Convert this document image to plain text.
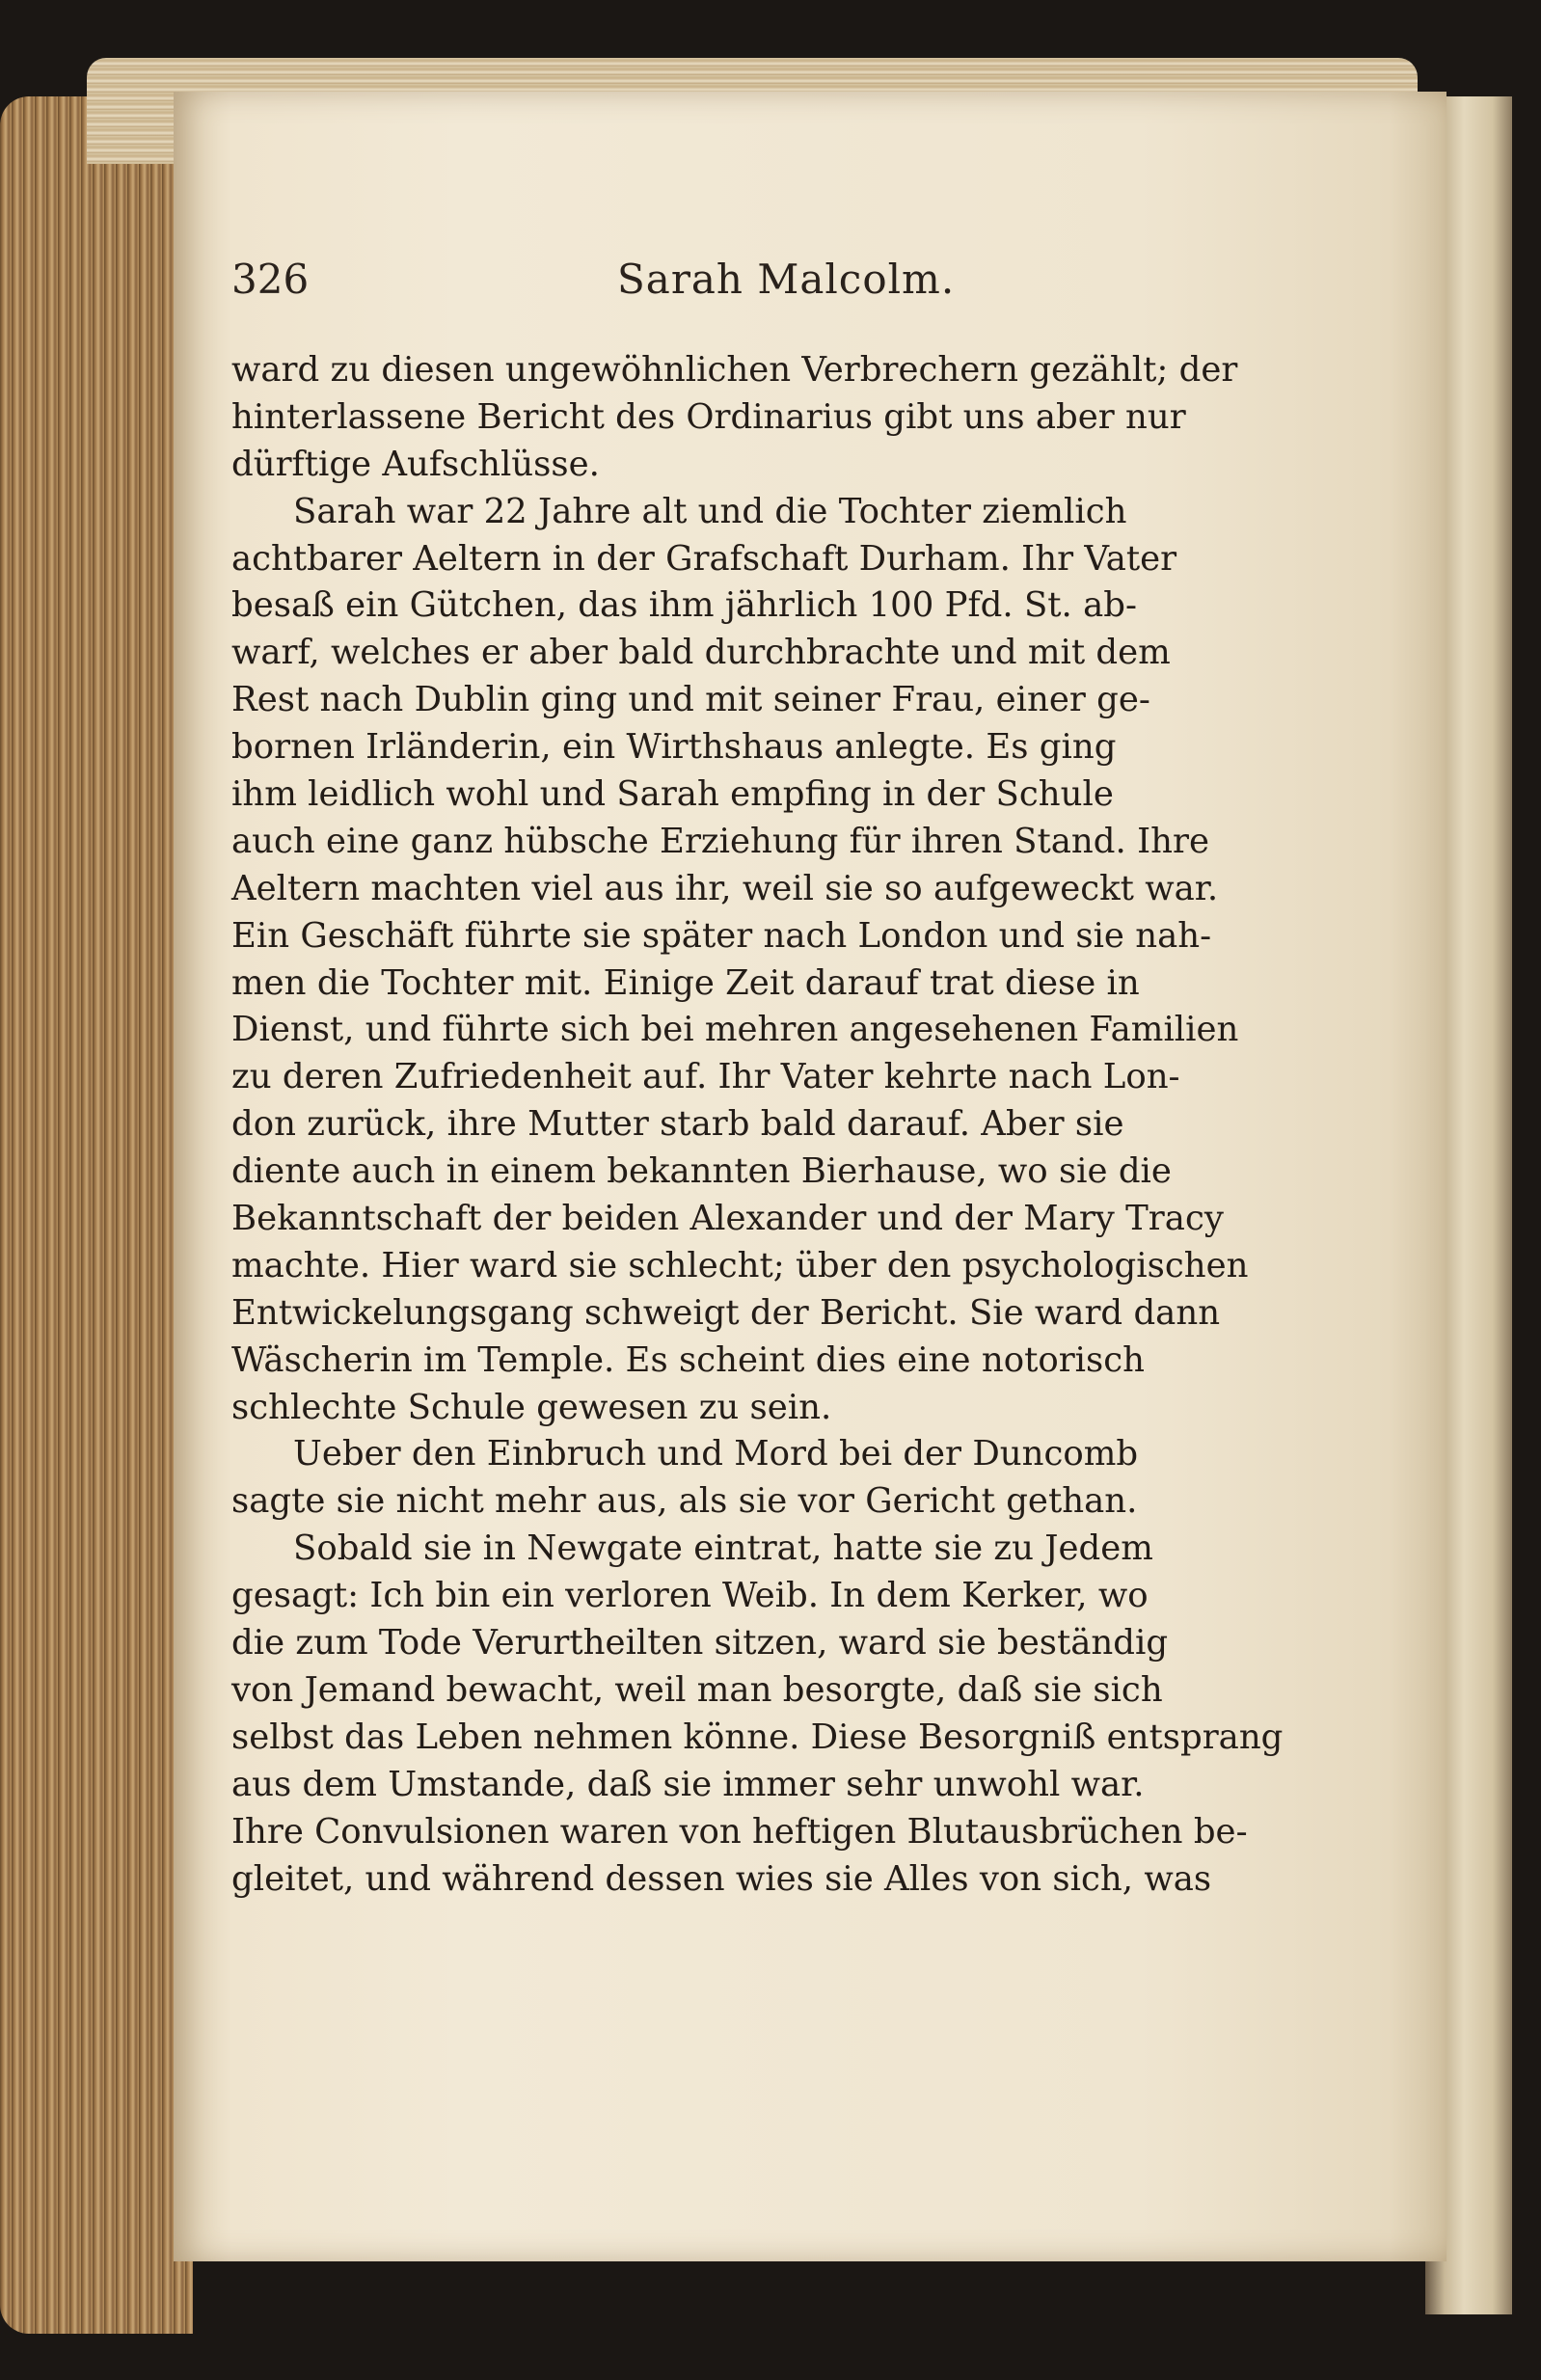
326	Sarah Malcolm.
ward zu diesen ungewöhnlichen Verbrechern gezählt; der
hinterlassene Bericht des Ordinarius gibt uns aber nur
dürftige Aufschlüsse.
Sarah war 22 Jahre alt und die Tochter ziemlich
achtbarer Aeltern in der Grafschaft Durham. Ihr Vater
besaß ein Gütchen, das ihm jährlich 100 Pfd. St. ab-
warf, welches er aber bald durchbrachte und mit dem
Rest nach Dublin ging und mit seiner Frau, einer ge-
bornen Irländerin, ein Wirthshaus anlegte. Es ging
ihm leidlich wohl und Sarah empfing in der Schule
auch eine ganz hübsche Erziehung für ihren Stand. Ihre
Aeltern machten viel aus ihr, weil sie so aufgeweckt war.
Ein Geschäft führte sie später nach London und sie nah-
men die Tochter mit. Einige Zeit darauf trat diese in
Dienst, und führte sich bei mehren angesehenen Familien
zu deren Zufriedenheit auf. Ihr Vater kehrte nach Lon-
don zurück, ihre Mutter starb bald darauf. Aber sie
diente auch in einem bekannten Bierhause, wo sie die
Bekanntschaft der beiden Alexander und der Mary Tracy
machte. Hier ward sie schlecht; über den psychologischen
Entwickelungsgang schweigt der Bericht. Sie ward dann
Wäscherin im Temple. Es scheint dies eine notorisch
schlechte Schule gewesen zu sein.
Ueber den Einbruch und Mord bei der Duncomb
sagte sie nicht mehr aus, als sie vor Gericht gethan.
Sobald sie in Newgate eintrat, hatte sie zu Jedem
gesagt: Ich bin ein verloren Weib. In dem Kerker, wo
die zum Tode Verurtheilten sitzen, ward sie beständig
von Jemand bewacht, weil man besorgte, daß sie sich
selbst das Leben nehmen könne. Diese Besorgniß entsprang
aus dem Umstande, daß sie immer sehr unwohl war.
Ihre Convulsionen waren von heftigen Blutausbrüchen be-
gleitet, und während dessen wies sie Alles von sich, was
